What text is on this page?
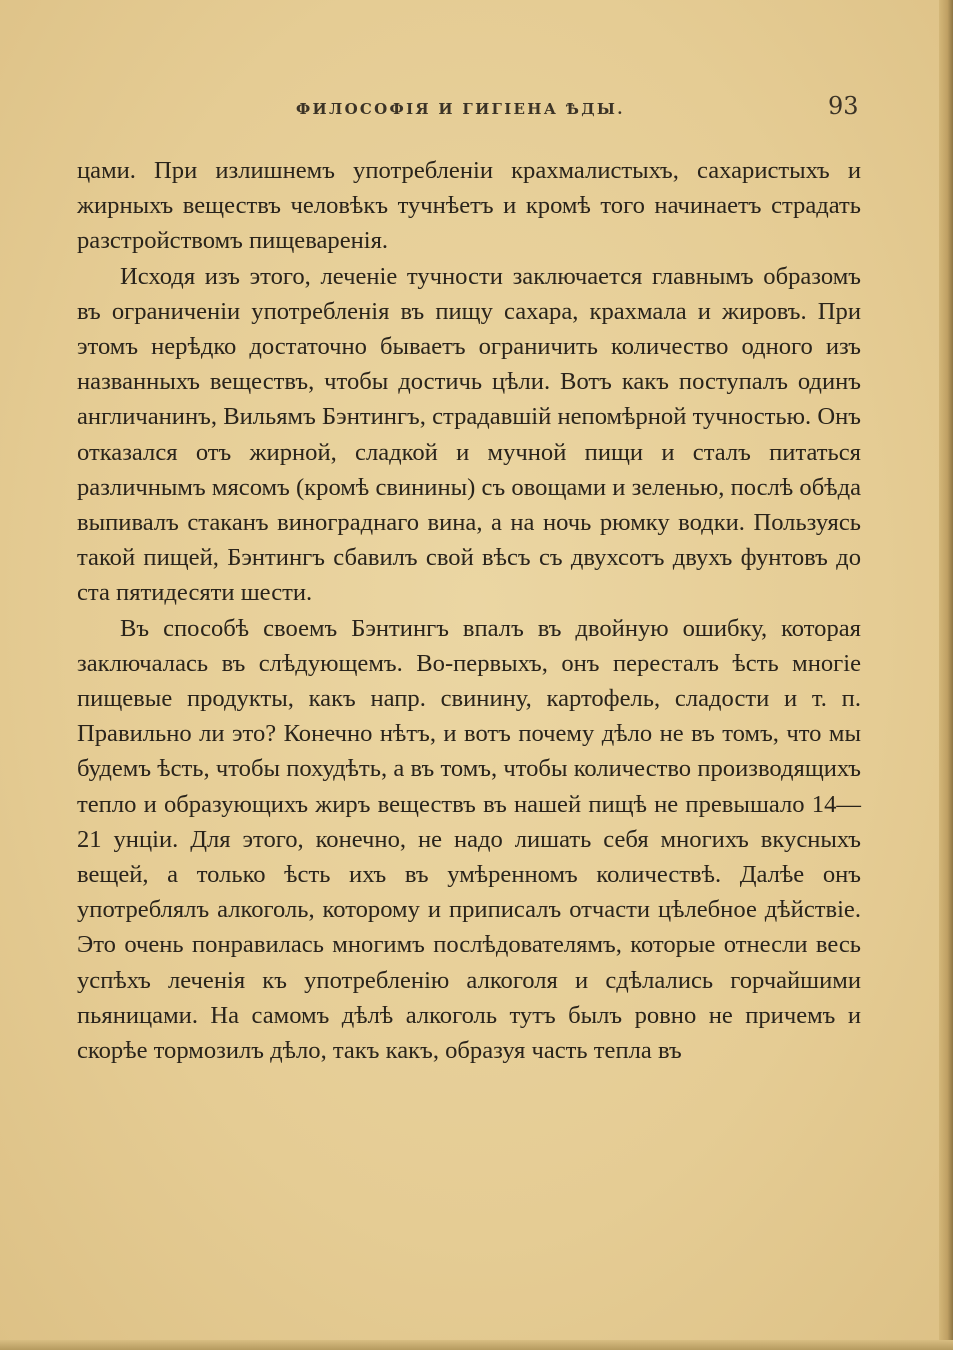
ФИЛОСОФІЯ И ГИГІЕНА ѢДЫ.	93

цами. При излишнемъ употребленіи крахмалистыхъ, сахаристыхъ и жирныхъ веществъ человѣкъ тучнѣетъ и кромѣ того начинаетъ страдать разстройствомъ пищеваренія.

Исходя изъ этого, леченіе тучности заключается главнымъ образомъ въ ограниченіи употребленія въ пищу сахара, крахмала и жировъ. При этомъ нерѣдко достаточно бываетъ ограничить количество одного изъ названныхъ веществъ, чтобы достичь цѣли. Вотъ какъ поступалъ одинъ англичанинъ, Вильямъ Бэнтингъ, страдавшій непомѣрной тучностью. Онъ отказался отъ жирной, сладкой и мучной пищи и сталъ питаться различнымъ мясомъ (кромѣ свинины) съ овощами и зеленью, послѣ обѣда выпивалъ стаканъ винограднаго вина, а на ночь рюмку водки. Пользуясь такой пищей, Бэнтингъ сбавилъ свой вѣсъ съ двухсотъ двухъ фунтовъ до ста пятидесяти шести.

Въ способѣ своемъ Бэнтингъ впалъ въ двойную ошибку, которая заключалась въ слѣдующемъ. Во-первыхъ, онъ пересталъ ѣсть многіе пищевые продукты, какъ напр. свинину, картофель, сладости и т. п. Правильно ли это? Конечно нѣтъ, и вотъ почему дѣло не въ томъ, что мы будемъ ѣсть, чтобы похудѣть, а въ томъ, чтобы количество производящихъ тепло и образующихъ жиръ веществъ въ нашей пищѣ не превышало 14—21 унціи. Для этого, конечно, не надо лишать себя многихъ вкусныхъ вещей, а только ѣсть ихъ въ умѣренномъ количествѣ. Далѣе онъ употреблялъ алкоголь, которому и приписалъ отчасти цѣлебное дѣйствіе. Это очень понравилась многимъ послѣдователямъ, которые отнесли весь успѣхъ леченія къ употребленію алкоголя и сдѣлались горчайшими пьяницами. На самомъ дѣлѣ алкоголь тутъ былъ ровно не причемъ и скорѣе тормозилъ дѣло, такъ какъ, образуя часть тепла въ
